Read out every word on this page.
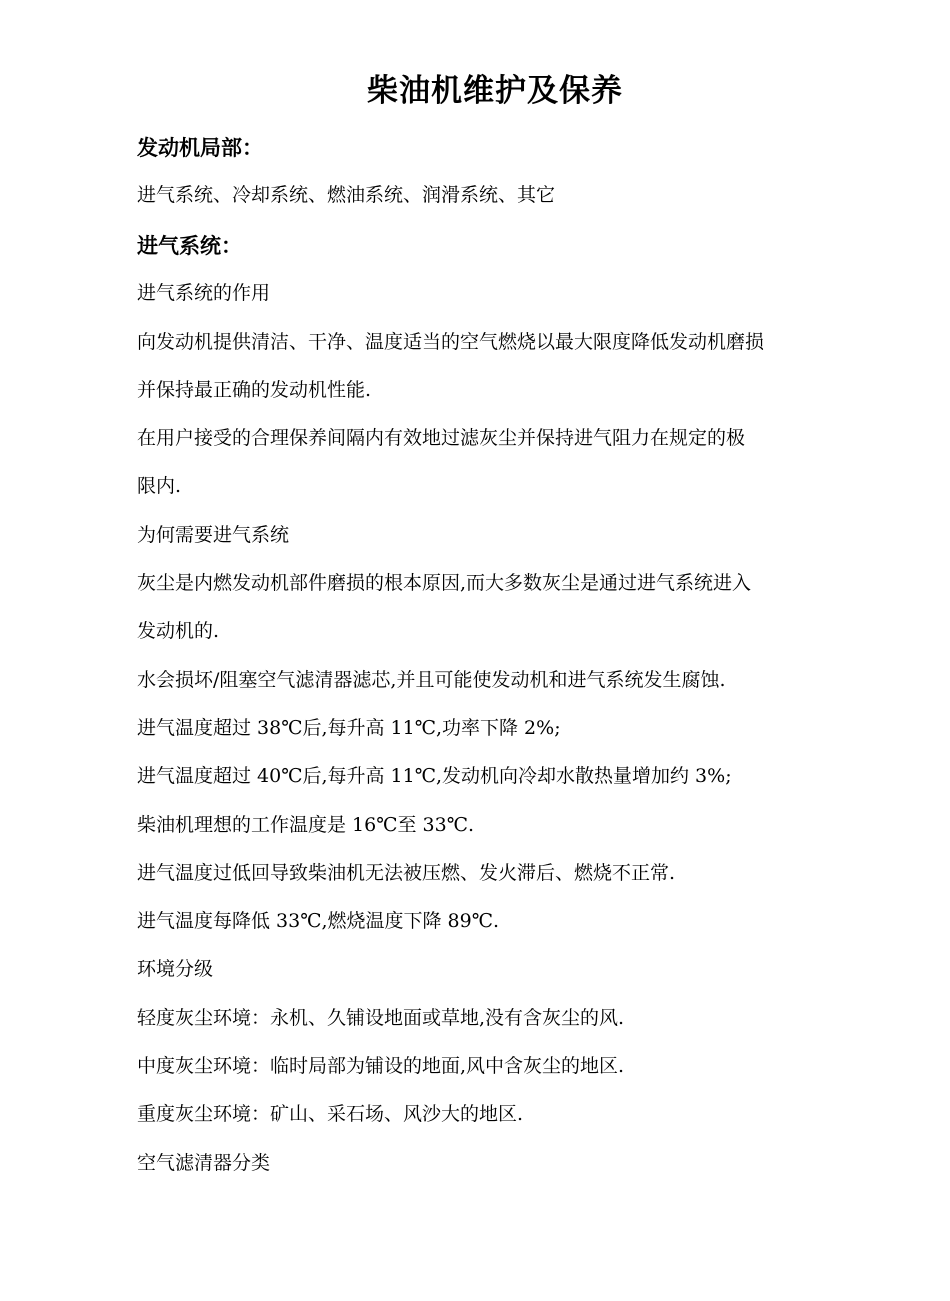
柴油机维护及保养
发动机局部：
进气系统、冷却系统、燃油系统、润滑系统、其它
进气系统：
进气系统的作用
向发动机提供清洁、干净、温度适当的空气燃烧以最大限度降低发动机磨损
并保持最正确的发动机性能.
在用户接受的合理保养间隔内有效地过滤灰尘并保持进气阻力在规定的极
限内.
为何需要进气系统
灰尘是内燃发动机部件磨损的根本原因,而大多数灰尘是通过进气系统进入
发动机的.
水会损坏/阻塞空气滤清器滤芯,并且可能使发动机和进气系统发生腐蚀.
进气温度超过 38℃后,每升高 11℃,功率下降 2%;
进气温度超过 40℃后,每升高 11℃,发动机向冷却水散热量增加约 3%;
柴油机理想的工作温度是 16℃至 33℃.
进气温度过低回导致柴油机无法被压燃、发火滞后、燃烧不正常.
进气温度每降低 33℃,燃烧温度下降 89℃.
环境分级
轻度灰尘环境：永机、久铺设地面或草地,没有含灰尘的风.
中度灰尘环境：临时局部为铺设的地面,风中含灰尘的地区.
重度灰尘环境：矿山、采石场、风沙大的地区.
空气滤清器分类
